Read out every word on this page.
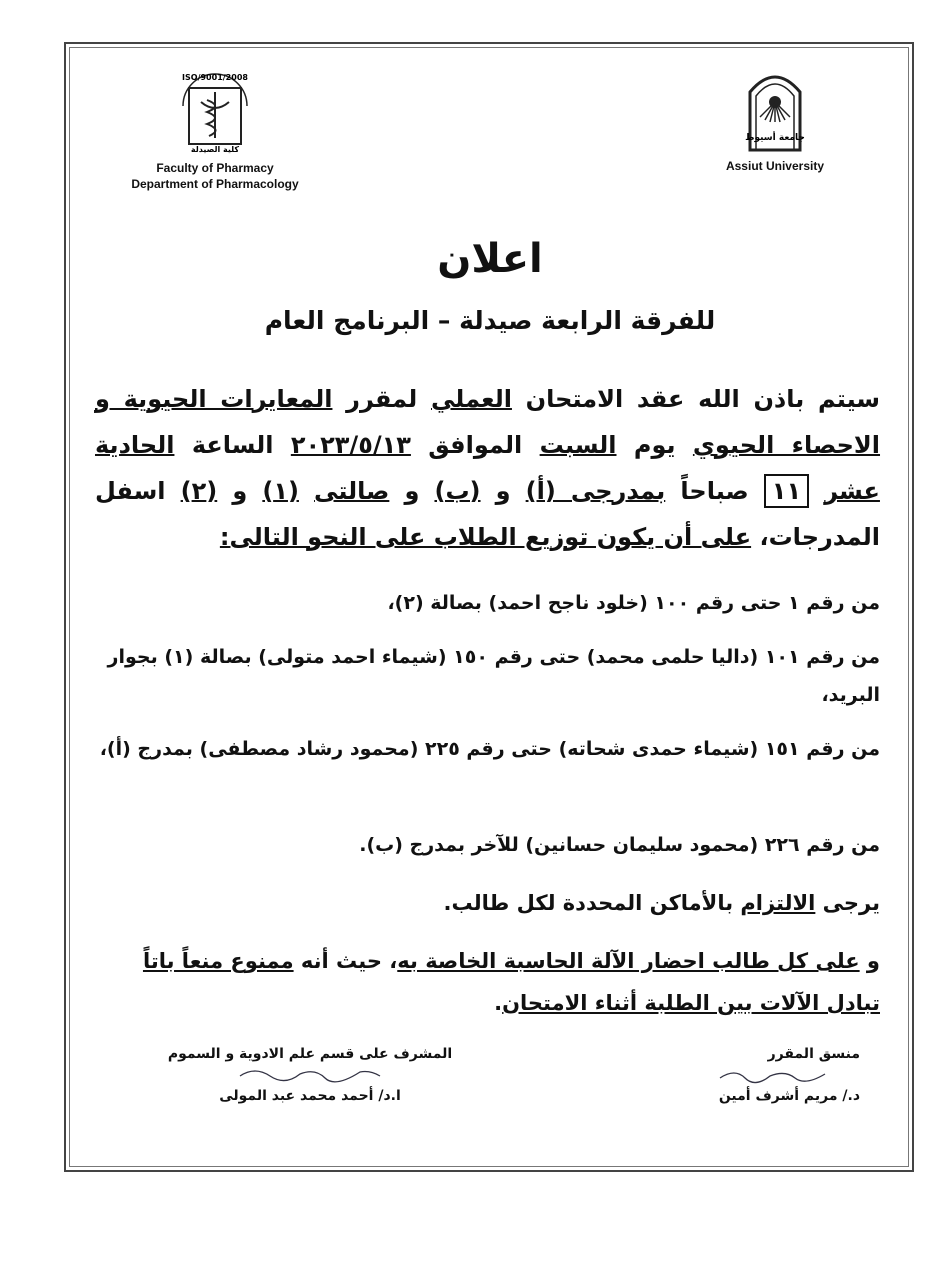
ISO/9001/2008
كلية الصيدلة
Faculty of Pharmacy
Department of Pharmacology
جامعة أسيوط
Assiut University
اعلان
للفرقة الرابعة صيدلة – البرنامج العام
سيتم باذن الله عقد الامتحان العملي لمقرر المعايرات الحيوية و الاحصاء الحيوي يوم السبت الموافق ٢٠٢٣/٥/١٣ الساعة الحادية عشر ١١ صباحاً بمدرجى (أ) و (ب) و صالتى (١) و (٢) اسفل المدرجات، على أن يكون توزيع الطلاب على النحو التالى:
من رقم ١ حتى رقم ١٠٠ (خلود ناجح احمد) بصالة (٢)،
من رقم ١٠١ (داليا حلمى محمد) حتى رقم ١٥٠ (شيماء احمد متولى) بصالة (١) بجوار البريد،
من رقم ١٥١ (شيماء حمدى شحاته) حتى رقم ٢٢٥ (محمود رشاد مصطفى) بمدرج (أ)،
من رقم ٢٢٦ (محمود سليمان حسانين) للآخر بمدرج (ب).
يرجى الالتزام بالأماكن المحددة لكل طالب.
و على كل طالب احضار الآلة الحاسبة الخاصة به، حيث أنه ممنوع منعاً باتاً تبادل الآلات بين الطلبة أثناء الامتحان.
منسق المقرر
د./ مريم أشرف أمين
المشرف على قسم علم الادوية و السموم
ا.د/ أحمد محمد عبد المولى
